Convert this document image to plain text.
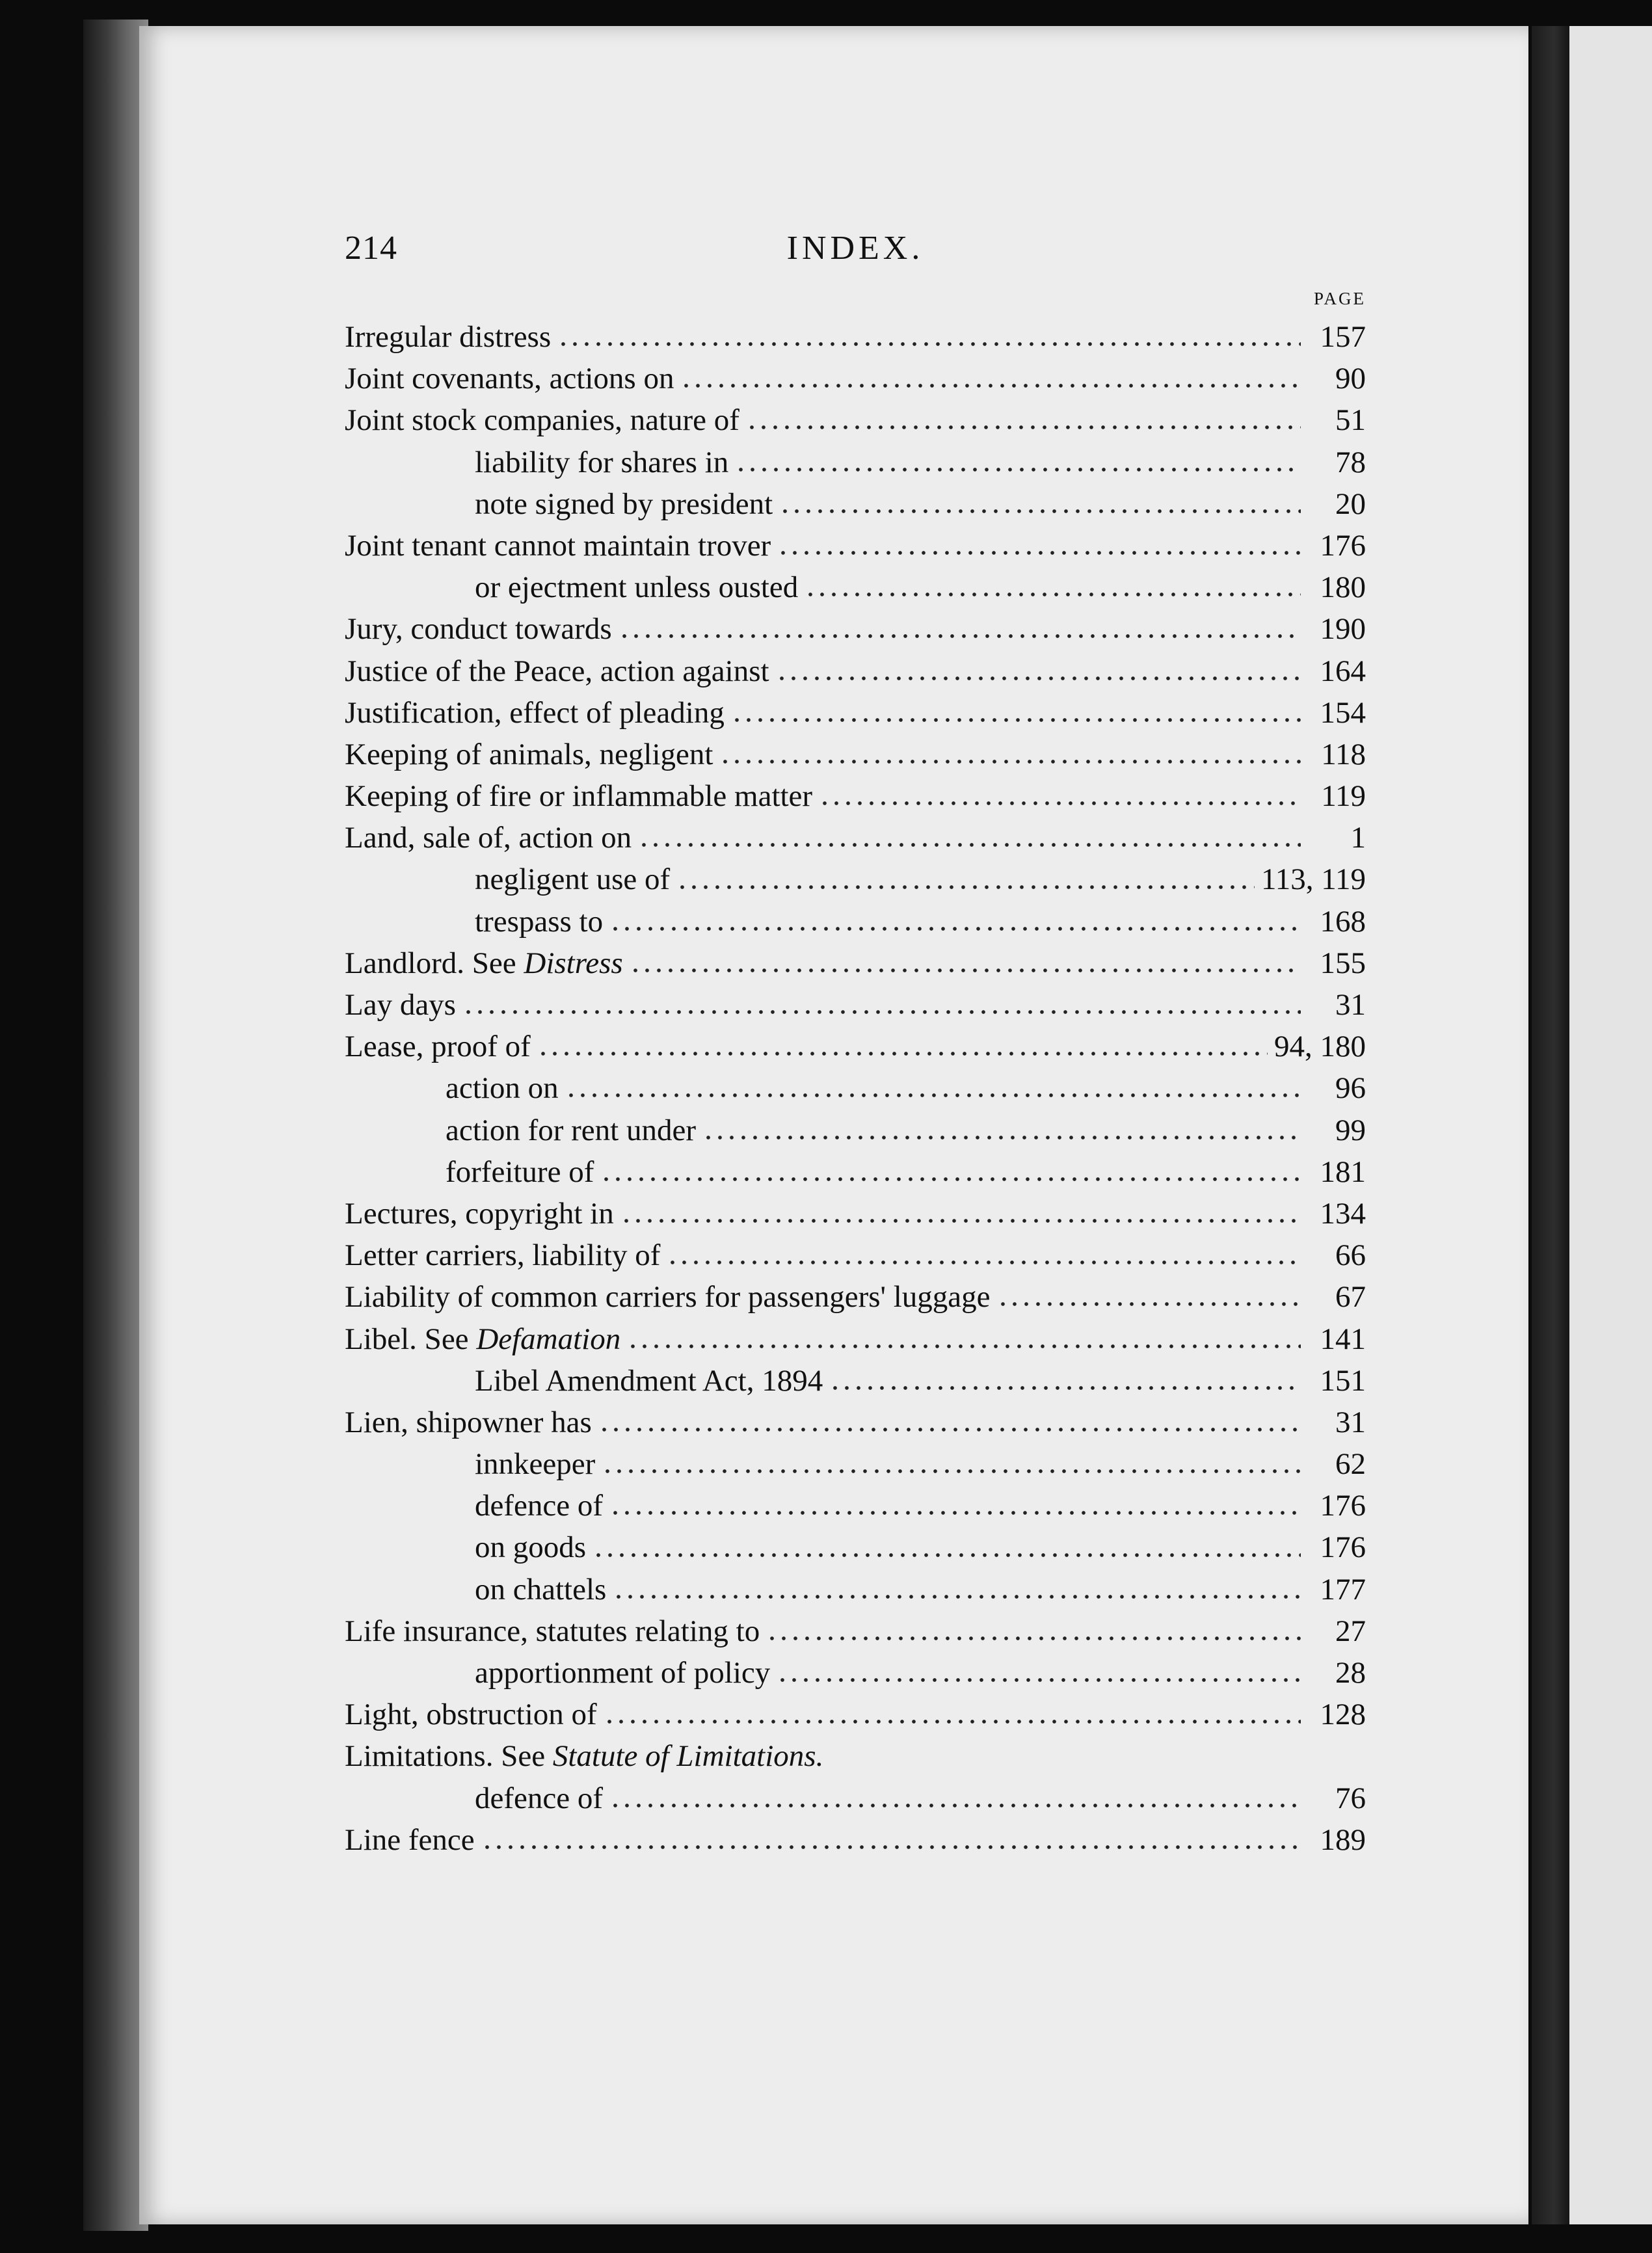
214	INDEX.
PAGE
Irregular distress	157
Joint covenants, actions on	90
Joint stock companies, nature of	51
liability for shares in	78
note signed by president	20
Joint tenant cannot maintain trover	176
or ejectment unless ousted	180
Jury, conduct towards	190
Justice of the Peace, action against	164
Justification, effect of pleading	154
Keeping of animals, negligent	118
Keeping of fire or inflammable matter	119
Land, sale of, action on	1
negligent use of	113, 119
trespass to	168
Landlord. See Distress	155
Lay days	31
Lease, proof of	94, 180
action on	96
action for rent under	99
forfeiture of	181
Lectures, copyright in	134
Letter carriers, liability of	66
Liability of common carriers for passengers' luggage	67
Libel. See Defamation	141
Libel Amendment Act, 1894	151
Lien, shipowner has	31
innkeeper	62
defence of	176
on goods	176
on chattels	177
Life insurance, statutes relating to	27
apportionment of policy	28
Light, obstruction of	128
Limitations. See Statute of Limitations.
defence of	76
Line fence	189
